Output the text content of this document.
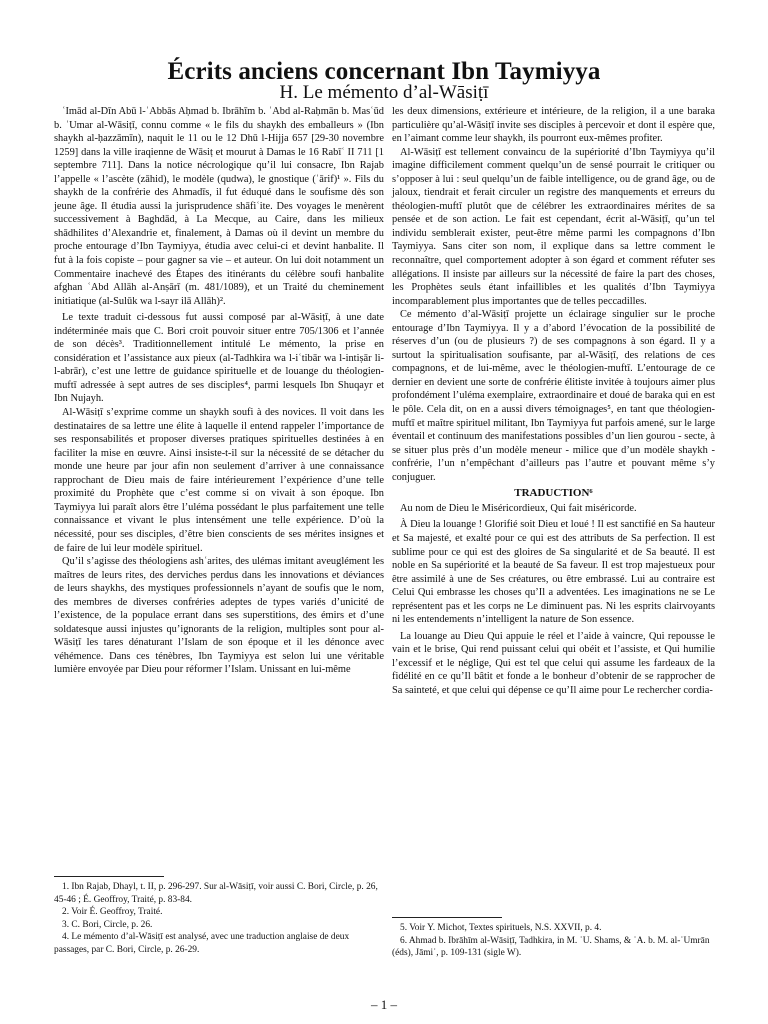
Écrits anciens concernant Ibn Taymiyya
H. Le mémento d’al-Wāsiṭī

ʿImād al-Dīn Abū l-ʿAbbās Aḥmad b. Ibrāhīm b. ʿAbd al-Raḥmān b. Masʿūd b. ʿUmar al-Wāsiṭī, connu comme « le fils du shaykh des emballeurs » (Ibn shaykh al-ḥazzāmīn), naquit le 11 ou le 12 Dhū l-Hijja 657 [29-30 novembre 1259] dans la ville iraqienne de Wāsiṭ et mourut à Damas le 16 Rabīʿ II 711 [1 septembre 711]. Dans la notice nécrologique qu’il lui consacre, Ibn Rajab l’appelle « l’ascète (zāhid), le modèle (qudwa), le gnostique (ʿārif)¹ ». Fils du shaykh de la confrérie des Ahmadīs, il fut éduqué dans le soufisme dès son jeune âge. Il étudia aussi la jurisprudence shāfiʿite. Des voyages le menèrent successivement à Baghdād, à La Mecque, au Caire, dans les milieux shādhilites d’Alexandrie et, finalement, à Damas où il devint un membre du proche entourage d’Ibn Taymiyya, étudia avec celui-ci et devint hanbalite. Il fut à la fois copiste – pour gagner sa vie – et auteur. On lui doit notamment un Commentaire inachevé des Étapes des itinérants du célèbre soufi hanbalite afghan ʿAbd Allāh al-Anṣārī (m. 481/1089), et un Traité du cheminement initiatique (al-Sulūk wa l-sayr ilā Allāh)².

Le texte traduit ci-dessous fut aussi composé par al-Wāsiṭī, à une date indéterminée mais que C. Bori croit pouvoir situer entre 705/1306 et l’année de son décès³. Traditionnellement intitulé Le mémento, la prise en considération et l’assistance aux pieux (al-Tadhkira wa l-iʿtibār wa l-intiṣār li-l-abrār), c’est une lettre de guidance spirituelle et de louange du théologien-muftī adressée à sept autres de ses disciples⁴, parmi lesquels Ibn Shuqayr et Ibn Nujayh.

Al-Wāsiṭī s’exprime comme un shaykh soufi à des novices. Il voit dans les destinataires de sa lettre une élite à laquelle il entend rappeler l’importance de ses responsabilités et proposer diverses pratiques spirituelles destinées à en faciliter la mise en œuvre. Ainsi insiste-t-il sur la nécessité de se détacher du monde une heure par jour afin non seulement d’arriver à une connaissance rapprochant de Dieu mais de faire intérieurement l’expérience d’une telle proximité du Prophète que c’est comme si on vivait à son époque. Ibn Taymiyya lui paraît alors être l’uléma possédant le plus parfaitement une telle connaissance et vivant le plus intensément une telle expérience. D’où la nécessité, pour ses disciples, d’être bien conscients de ses mérites insignes et de faire de lui leur modèle spirituel.

Qu’il s’agisse des théologiens ashʿarites, des ulémas imitant aveuglément les maîtres de leurs rites, des derviches perdus dans les innovations et déviances de leurs shaykhs, des mystiques professionnels n’ayant de soufis que le nom, des membres de diverses confréries adeptes de types variés d’unicité de l’existence, de la populace errant dans ses superstitions, des émirs et d’une soldatesque aussi injustes qu’ignorants de la religion, multiples sont pour al-Wāsiṭī les tares dénaturant l’Islam de son époque et il les dénonce avec véhémence. Dans ces ténèbres, Ibn Taymiyya est selon lui une véritable lumière envoyée par Dieu pour réformer l’Islam. Unissant en lui-même

les deux dimensions, extérieure et intérieure, de la religion, il a une baraka particulière qu’al-Wāsiṭī invite ses disciples à percevoir et dont il espère que, en l’aimant comme leur shaykh, ils pourront eux-mêmes profiter.

Al-Wāsiṭī est tellement convaincu de la supériorité d’Ibn Taymiyya qu’il imagine difficilement comment quelqu’un de sensé pourrait le critiquer ou s’opposer à lui : seul quelqu’un de faible intelligence, ou de grand âge, ou de jaloux, tiendrait et ferait circuler un registre des manquements et erreurs du théologien-muftī plutôt que de célébrer les extraordinaires mérites de sa pensée et de son action. Le fait est cependant, écrit al-Wāsiṭī, qu’un tel individu semblerait exister, peut-être même parmi les compagnons d’Ibn Taymiyya. Sans citer son nom, il explique dans sa lettre comment le reconnaître, quel comportement adopter à son égard et comment réfuter ses allégations. Il insiste par ailleurs sur la nécessité de faire la part des choses, les Prophètes seuls étant infaillibles et les qualités d’Ibn Taymiyya incomparablement plus importantes que de telles peccadilles.

Ce mémento d’al-Wāsiṭī projette un éclairage singulier sur le proche entourage d’Ibn Taymiyya. Il y a d’abord l’évocation de la possibilité de réserves d’un (ou de plusieurs ?) de ses compagnons à son égard. Il y a surtout la spiritualisation soufisante, par al-Wāsiṭī, des relations de ces compagnons, et de lui-même, avec le théologien-muftī. L’entourage de ce dernier en devient une sorte de confrérie élitiste invitée à toujours aimer plus profondément l’uléma exemplaire, extraordinaire et doué de baraka qui en est le pôle. Cela dit, on en a aussi divers témoignages⁵, en tant que théologien-muftī et maître spirituel militant, Ibn Taymiyya fut parfois amené, sur le large éventail et continuum des manifestations possibles d’un lien gourou - secte, à se situer plus près d’un modèle meneur - milice que d’un modèle shaykh - confrérie, l’un n’empêchant d’ailleurs pas l’autre et pouvant même s’y conjuguer.

TRADUCTION⁶

Au nom de Dieu le Miséricordieux, Qui fait miséricorde.

À Dieu la louange ! Glorifié soit Dieu et loué ! Il est sanctifié en Sa hauteur et Sa majesté, et exalté pour ce qui est des attributs de Sa perfection. Il est sublime pour ce qui est des gloires de Sa singularité et de Sa beauté. Il est noble en Sa supériorité et la beauté de Sa faveur. Il est trop majestueux pour être assimilé à une de Ses créatures, ou être embrassé. Lui au contraire est Celui Qui embrasse les choses qu’Il a adventées. Les imaginations ne se Le représentent pas et les corps ne Le diminuent pas. Ni les esprits clairvoyants ni les entendements n’intelligent la nature de Son essence.

La louange au Dieu Qui appuie le réel et l’aide à vaincre, Qui repousse le vain et le brise, Qui rend puissant celui qui obéit et l’assiste, et Qui humilie l’excessif et le néglige, Qui est tel que celui qui assume les fardeaux de la fidélité en ce qu’Il bâtit et fonde a le bonheur d’obtenir de se rapprocher de Sa sainteté, et que celui qui dépense ce qu’Il aime pour Le rechercher cordia-

1. Ibn Rajab, Dhayl, t. II, p. 296-297. Sur al-Wāsiṭī, voir aussi C. Bori, Circle, p. 26, 45-46 ; É. Geoffroy, Traité, p. 83-84.

2. Voir É. Geoffroy, Traité.

3. C. Bori, Circle, p. 26.

4. Le mémento d’al-Wāsiṭī est analysé, avec une traduction anglaise de deux passages, par C. Bori, Circle, p. 26-29.

5. Voir Y. Michot, Textes spirituels, N.S. XXVII, p. 4.

6. Ahmad b. Ibrāhīm al-Wāsiṭī, Tadhkira, in M. ʿU. Shams, & ʿA. b. M. al-ʿUmrān (éds), Jāmiʿ, p. 109-131 (sigle W).

– 1 –
